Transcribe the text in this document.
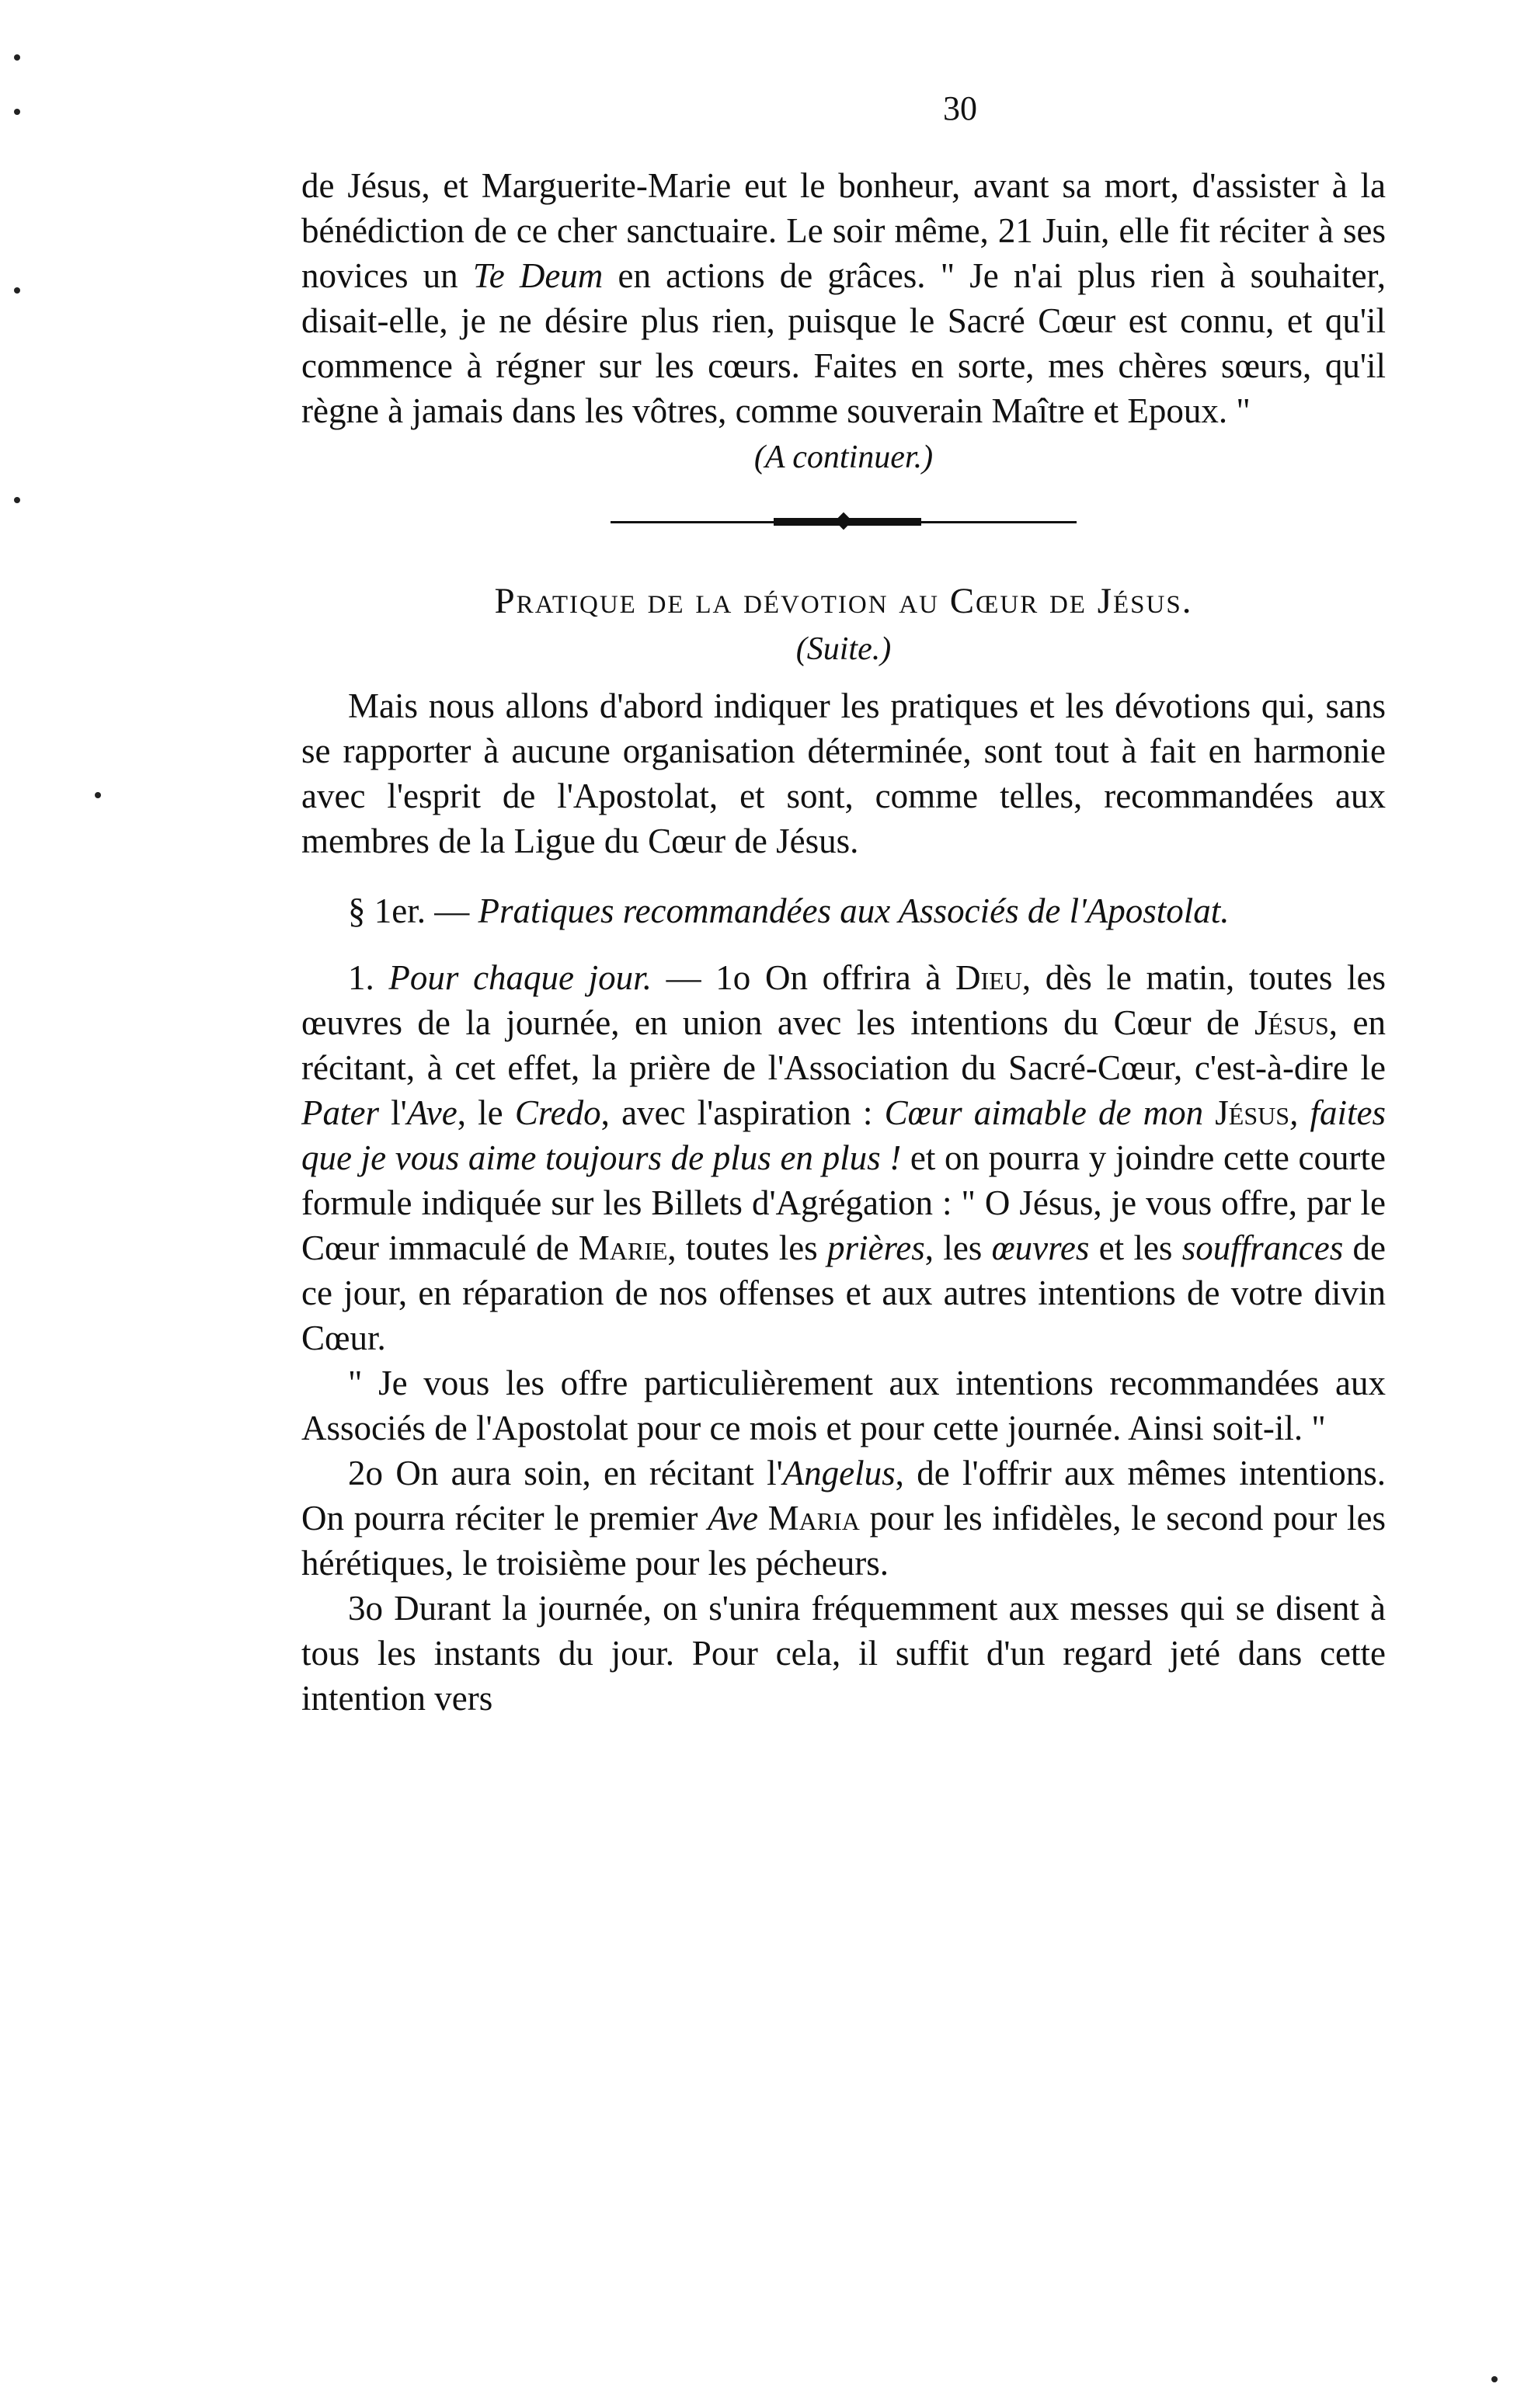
30

de Jésus, et Marguerite-Marie eut le bonheur, avant sa mort, d'assister à la bénédiction de ce cher sanctuaire. Le soir même, 21 Juin, elle fit réciter à ses novices un Te Deum en actions de grâces. " Je n'ai plus rien à souhaiter, disait-elle, je ne désire plus rien, puisque le Sacré Cœur est connu, et qu'il commence à régner sur les cœurs. Faites en sorte, mes chères sœurs, qu'il règne à jamais dans les vôtres, comme souverain Maître et Epoux. "

(A continuer.)
Pratique de la dévotion au Cœur de Jésus.
(Suite.)

Mais nous allons d'abord indiquer les pratiques et les dévotions qui, sans se rapporter à aucune organisation déterminée, sont tout à fait en harmonie avec l'esprit de l'Apostolat, et sont, comme telles, recommandées aux membres de la Ligue du Cœur de Jésus.

§ 1er. — Pratiques recommandées aux Associés de l'Apostolat.

1. Pour chaque jour. — 1o On offrira à Dieu, dès le matin, toutes les œuvres de la journée, en union avec les intentions du Cœur de Jésus, en récitant, à cet effet, la prière de l'Association du Sacré-Cœur, c'est-à-dire le Pater l'Ave, le Credo, avec l'aspiration : Cœur aimable de mon Jésus, faites que je vous aime toujours de plus en plus ! et on pourra y joindre cette courte formule indiquée sur les Billets d'Agrégation : " O Jésus, je vous offre, par le Cœur immaculé de Marie, toutes les prières, les œuvres et les souffrances de ce jour, en réparation de nos offenses et aux autres intentions de votre divin Cœur.

" Je vous les offre particulièrement aux intentions recommandées aux Associés de l'Apostolat pour ce mois et pour cette journée. Ainsi soit-il. "

2o On aura soin, en récitant l'Angelus, de l'offrir aux mêmes intentions. On pourra réciter le premier Ave Maria pour les infidèles, le second pour les hérétiques, le troisième pour les pécheurs.

3o Durant la journée, on s'unira fréquemment aux messes qui se disent à tous les instants du jour. Pour cela, il suffit d'un regard jeté dans cette intention vers
